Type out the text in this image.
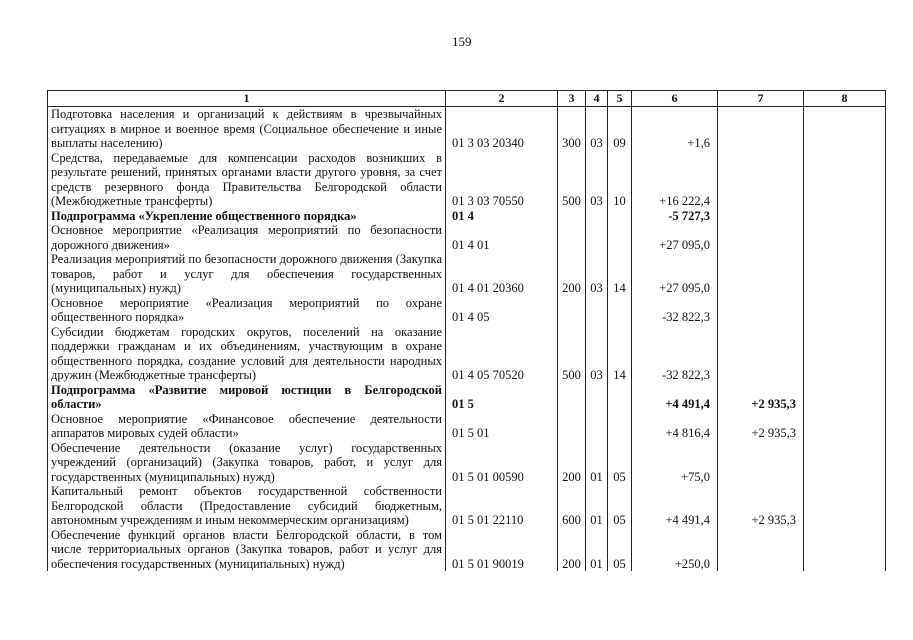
159
1	2	3	4	5	6	7	8
Подготовка населения и организаций к действиям в чрезвычайных ситуациях в мирное и военное время (Социальное обеспечение и иные выплаты населению)	01 3 03 20340	300	03	09	+1,6		
Средства, передаваемые для компенсации расходов возникших в результате решений, принятых органами власти другого уровня, за счет средств резервного фонда Правительства Белгородской области (Межбюджетные трансферты)	01 3 03 70550	500	03	10	+16 222,4		
Подпрограмма «Укрепление общественного порядка»	01 4				-5 727,3		
Основное мероприятие «Реализация мероприятий по безопасности дорожного движения»	01 4 01				+27 095,0		
Реализация мероприятий по безопасности дорожного движения (Закупка товаров, работ и услуг для обеспечения государственных (муниципальных) нужд)	01 4 01 20360	200	03	14	+27 095,0		
Основное мероприятие «Реализация мероприятий по охране общественного порядка»	01 4 05				-32 822,3		
Субсидии бюджетам городских округов, поселений на оказание поддержки гражданам и их объединениям, участвующим в охране общественного порядка, создание условий для деятельности народных дружин (Межбюджетные трансферты)	01 4 05 70520	500	03	14	-32 822,3		
Подпрограмма «Развитие мировой юстиции в Белгородской области»	01 5				+4 491,4	+2 935,3	
Основное мероприятие «Финансовое обеспечение деятельности аппаратов мировых судей области»	01 5 01				+4 816,4	+2 935,3	
Обеспечение деятельности (оказание услуг) государственных учреждений (организаций) (Закупка товаров, работ, и услуг для государственных (муниципальных) нужд)	01 5 01 00590	200	01	05	+75,0		
Капитальный ремонт объектов государственной собственности Белгородской области (Предоставление субсидий бюджетным, автономным учреждениям и иным некоммерческим организациям)	01 5 01 22110	600	01	05	+4 491,4	+2 935,3	
Обеспечение функций органов власти Белгородской области, в том числе территориальных органов (Закупка товаров, работ и услуг для обеспечения государственных (муниципальных) нужд)	01 5 01 90019	200	01	05	+250,0		
